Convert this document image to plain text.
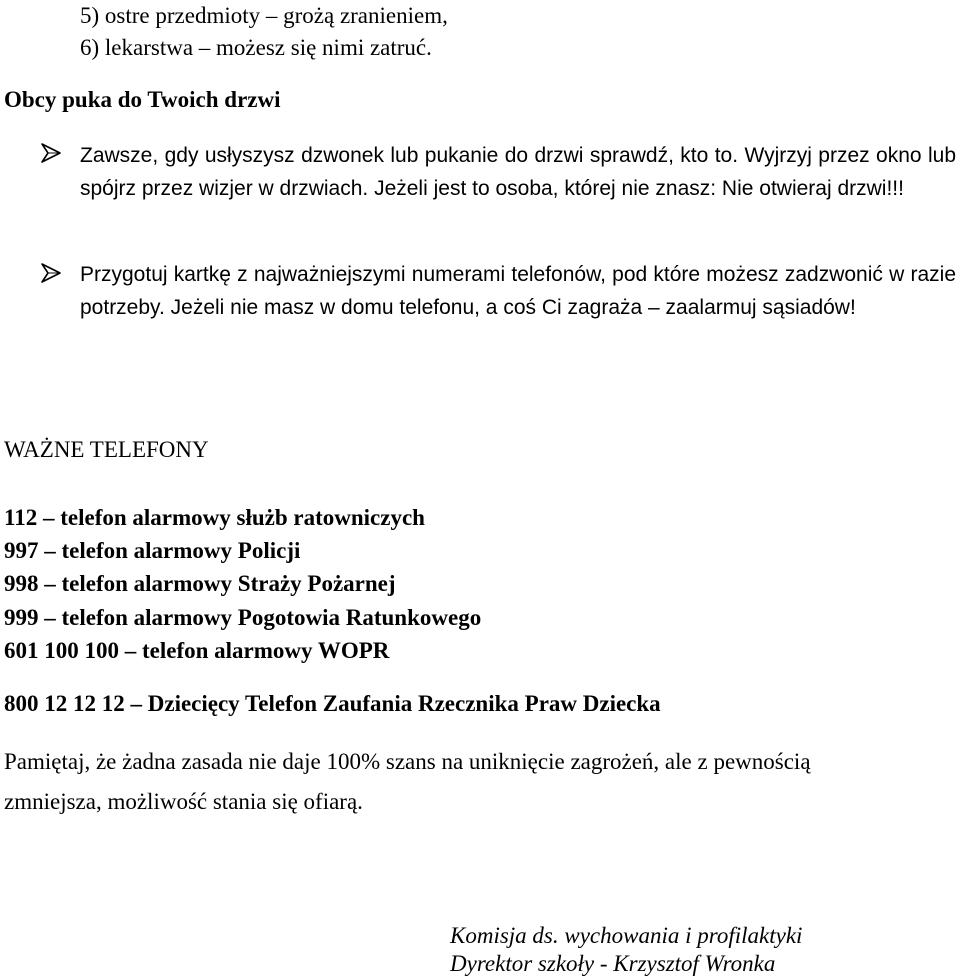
5) ostre przedmioty – grożą zranieniem,
6) lekarstwa – możesz się nimi zatruć.
Obcy puka do Twoich drzwi
Zawsze, gdy usłyszysz dzwonek lub pukanie do drzwi sprawdź, kto to. Wyjrzyj przez okno lub spójrz przez wizjer w drzwiach. Jeżeli jest to osoba, której nie znasz: Nie otwieraj drzwi!!!
Przygotuj kartkę z najważniejszymi numerami telefonów, pod które możesz zadzwonić w razie potrzeby. Jeżeli nie masz w domu telefonu, a coś Ci zagraża – zaalarmuj sąsiadów!
WAŻNE TELEFONY
112 – telefon alarmowy służb ratowniczych
997 – telefon alarmowy Policji
998 – telefon alarmowy Straży Pożarnej
999 – telefon alarmowy Pogotowia Ratunkowego
601 100 100 – telefon alarmowy WOPR
800 12 12 12 – Dziecięcy Telefon Zaufania Rzecznika Praw Dziecka
Pamiętaj, że żadna zasada nie daje 100% szans na uniknięcie zagrożeń, ale z pewnością zmniejsza, możliwość stania się ofiarą.
Komisja ds. wychowania i profilaktyki
Dyrektor szkoły - Krzysztof Wronka
